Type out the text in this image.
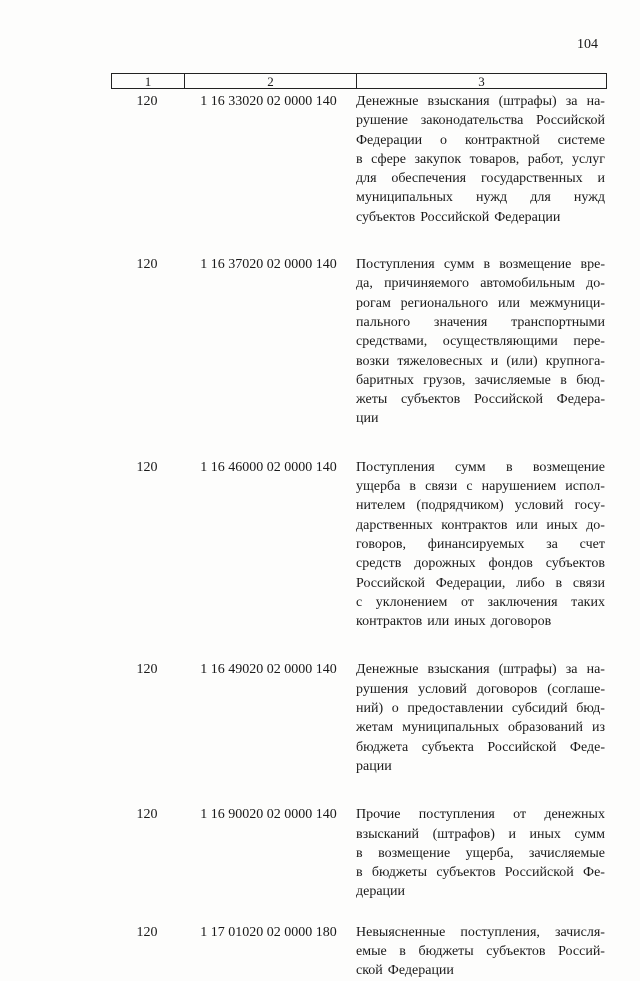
104
1	2	3
120	1 16 33020 02 0000 140	Денежные взыскания (штрафы) за на-
рушение законодательства Российской
Федерации о контрактной системе
в сфере закупок товаров, работ, услуг
для обеспечения государственных и
муниципальных нужд для нужд
субъектов Российской Федерации
120	1 16 37020 02 0000 140	Поступления сумм в возмещение вре-
да, причиняемого автомобильным до-
рогам регионального или межмуници-
пального значения транспортными
средствами, осуществляющими пере-
возки тяжеловесных и (или) крупнога-
баритных грузов, зачисляемые в бюд-
жеты субъектов Российской Федера-
ции
120	1 16 46000 02 0000 140	Поступления сумм в возмещение
ущерба в связи с нарушением испол-
нителем (подрядчиком) условий госу-
дарственных контрактов или иных до-
говоров, финансируемых за счет
средств дорожных фондов субъектов
Российской Федерации, либо в связи
с уклонением от заключения таких
контрактов или иных договоров
120	1 16 49020 02 0000 140	Денежные взыскания (штрафы) за на-
рушения условий договоров (соглаше-
ний) о предоставлении субсидий бюд-
жетам муниципальных образований из
бюджета субъекта Российской Феде-
рации
120	1 16 90020 02 0000 140	Прочие поступления от денежных
взысканий (штрафов) и иных сумм
в возмещение ущерба, зачисляемые
в бюджеты субъектов Российской Фе-
дерации
120	1 17 01020 02 0000 180	Невыясненные поступления, зачисля-
емые в бюджеты субъектов Россий-
ской Федерации
